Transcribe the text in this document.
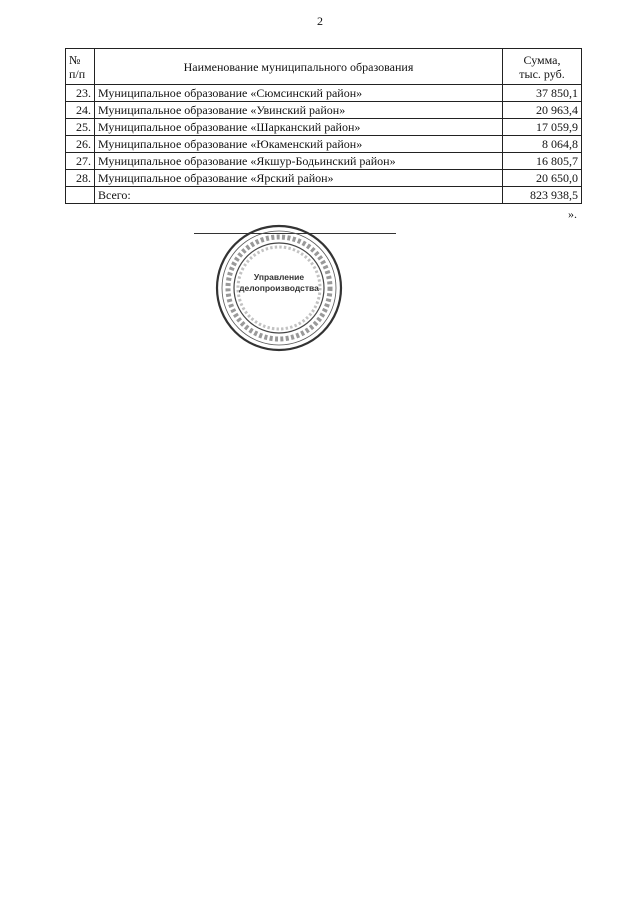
2
№
п/п	Наименование муниципального образования	Сумма,
тыс. руб.
23.	Муниципальное образование «Сюмсинский район»	37 850,1
24.	Муниципальное образование «Увинский район»	20 963,4
25.	Муниципальное образование «Шарканский район»	17 059,9
26.	Муниципальное образование «Юкаменский район»	8 064,8
27.	Муниципальное образование «Якшур-Бодьинский район»	16 805,7
28.	Муниципальное образование «Ярский район»	20 650,0
	Всего:	823 938,5
».
Управление
делопроизводства
